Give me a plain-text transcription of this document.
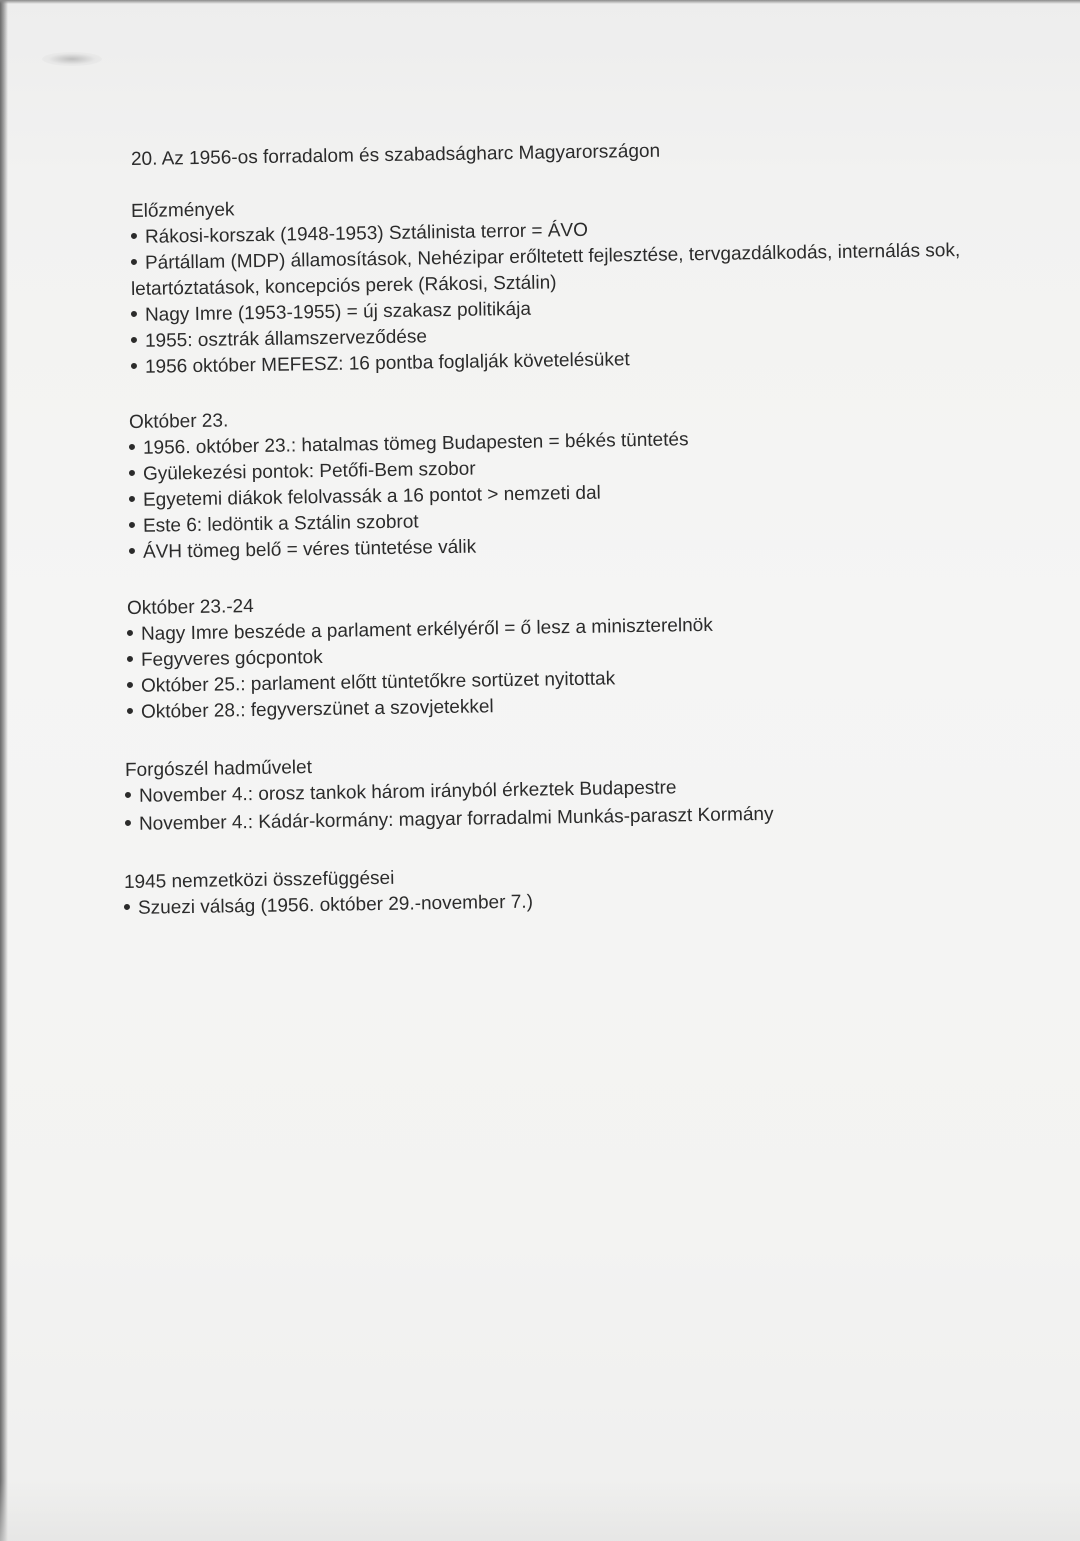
20. Az 1956-os forradalom és szabadságharc Magyarországon
Előzmények
Rákosi-korszak (1948-1953) Sztálinista terror = ÁVO
Pártállam (MDP) államosítások, Nehézipar erőltetett fejlesztése, tervgazdálkodás, internálás sok,
letartóztatások, koncepciós perek (Rákosi, Sztálin)
Nagy Imre (1953-1955) = új szakasz politikája
1955: osztrák államszerveződése
1956 október MEFESZ: 16 pontba foglalják követelésüket
Október 23.
1956. október 23.: hatalmas tömeg Budapesten = békés tüntetés
Gyülekezési pontok: Petőfi-Bem szobor
Egyetemi diákok felolvassák a 16 pontot > nemzeti dal
Este 6: ledöntik a Sztálin szobrot
ÁVH tömeg belő = véres tüntetése válik
Október 23.-24
Nagy Imre beszéde a parlament erkélyéről = ő lesz a miniszterelnök
Fegyveres gócpontok
Október 25.: parlament előtt tüntetőkre sortüzet nyitottak
Október 28.: fegyverszünet a szovjetekkel
Forgószél hadművelet
November 4.: orosz tankok három irányból érkeztek Budapestre
November 4.: Kádár-kormány: magyar forradalmi Munkás-paraszt Kormány
1945 nemzetközi összefüggései
Szuezi válság (1956. október 29.-november 7.)
